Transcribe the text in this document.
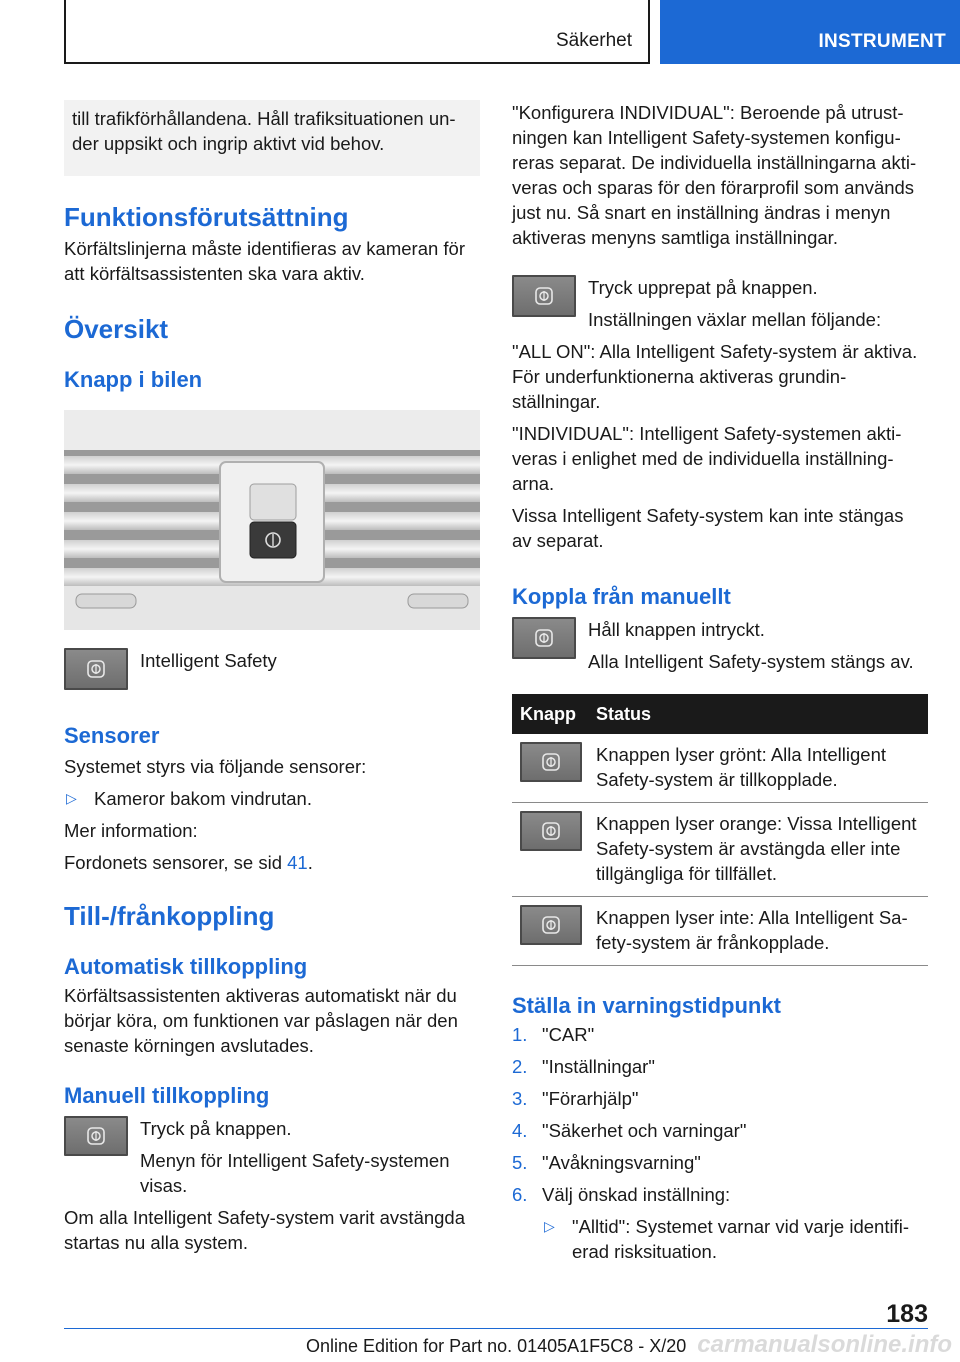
Säkerhet	INSTRUMENT

till trafikförhållandena. Håll trafiksituationen under uppsikt och ingrip aktivt vid behov.

Funktionsförutsättning

Körfältslinjerna måste identifieras av kameran för att körfältsassistenten ska vara aktiv.

Översikt
Knapp i bilen

Intelligent Safety

Sensorer

Systemet styrs via följande sensorer:

▷ Kameror bakom vindrutan.

Mer information:

Fordonets sensorer, se sid 41.

Till-/frånkoppling
Automatisk tillkoppling

Körfältsassistenten aktiveras automatiskt när du börjar köra, om funktionen var påslagen när den senaste körningen avslutades.

Manuell tillkoppling

Tryck på knappen.

Menyn för Intelligent Safety-systemen visas.

Om alla Intelligent Safety-system varit avstängda startas nu alla system.

"Konfigurera INDIVIDUAL": Beroende på utrustningen kan Intelligent Safety-systemen konfigureras separat. De individuella inställningarna aktiveras och sparas för den förarprofil som används just nu. Så snart en inställning ändras i menyn aktiveras menyns samtliga inställningar.

Tryck upprepat på knappen.

Inställningen växlar mellan följande:

"ALL ON": Alla Intelligent Safety-system är aktiva. För underfunktionerna aktiveras grundinställningar.

"INDIVIDUAL": Intelligent Safety-systemen aktiveras i enlighet med de individuella inställningarna.

Vissa Intelligent Safety-system kan inte stängas av separat.

Koppla från manuellt

Håll knappen intryckt.

Alla Intelligent Safety-system stängs av.

Knapp	Status

	Knappen lyser grönt: Alla Intelligent Safety-system är tillkopplade.

	Knappen lyser orange: Vissa Intelligent Safety-system är avstängda eller inte tillgängliga för tillfället.

	Knappen lyser inte: Alla Intelligent Safety-system är frånkopplade.
Ställa in varningstidpunkt
1. "CAR"
2. "Inställningar"
3. "Förarhjälp"
4. "Säkerhet och varningar"
5. "Avåkningsvarning"
6. Välj önskad inställning:
▷ "Alltid": Systemet varnar vid varje identifierad risksituation.
183
Online Edition for Part no. 01405A1F5C8 - X/20 carmanualsonline.info
